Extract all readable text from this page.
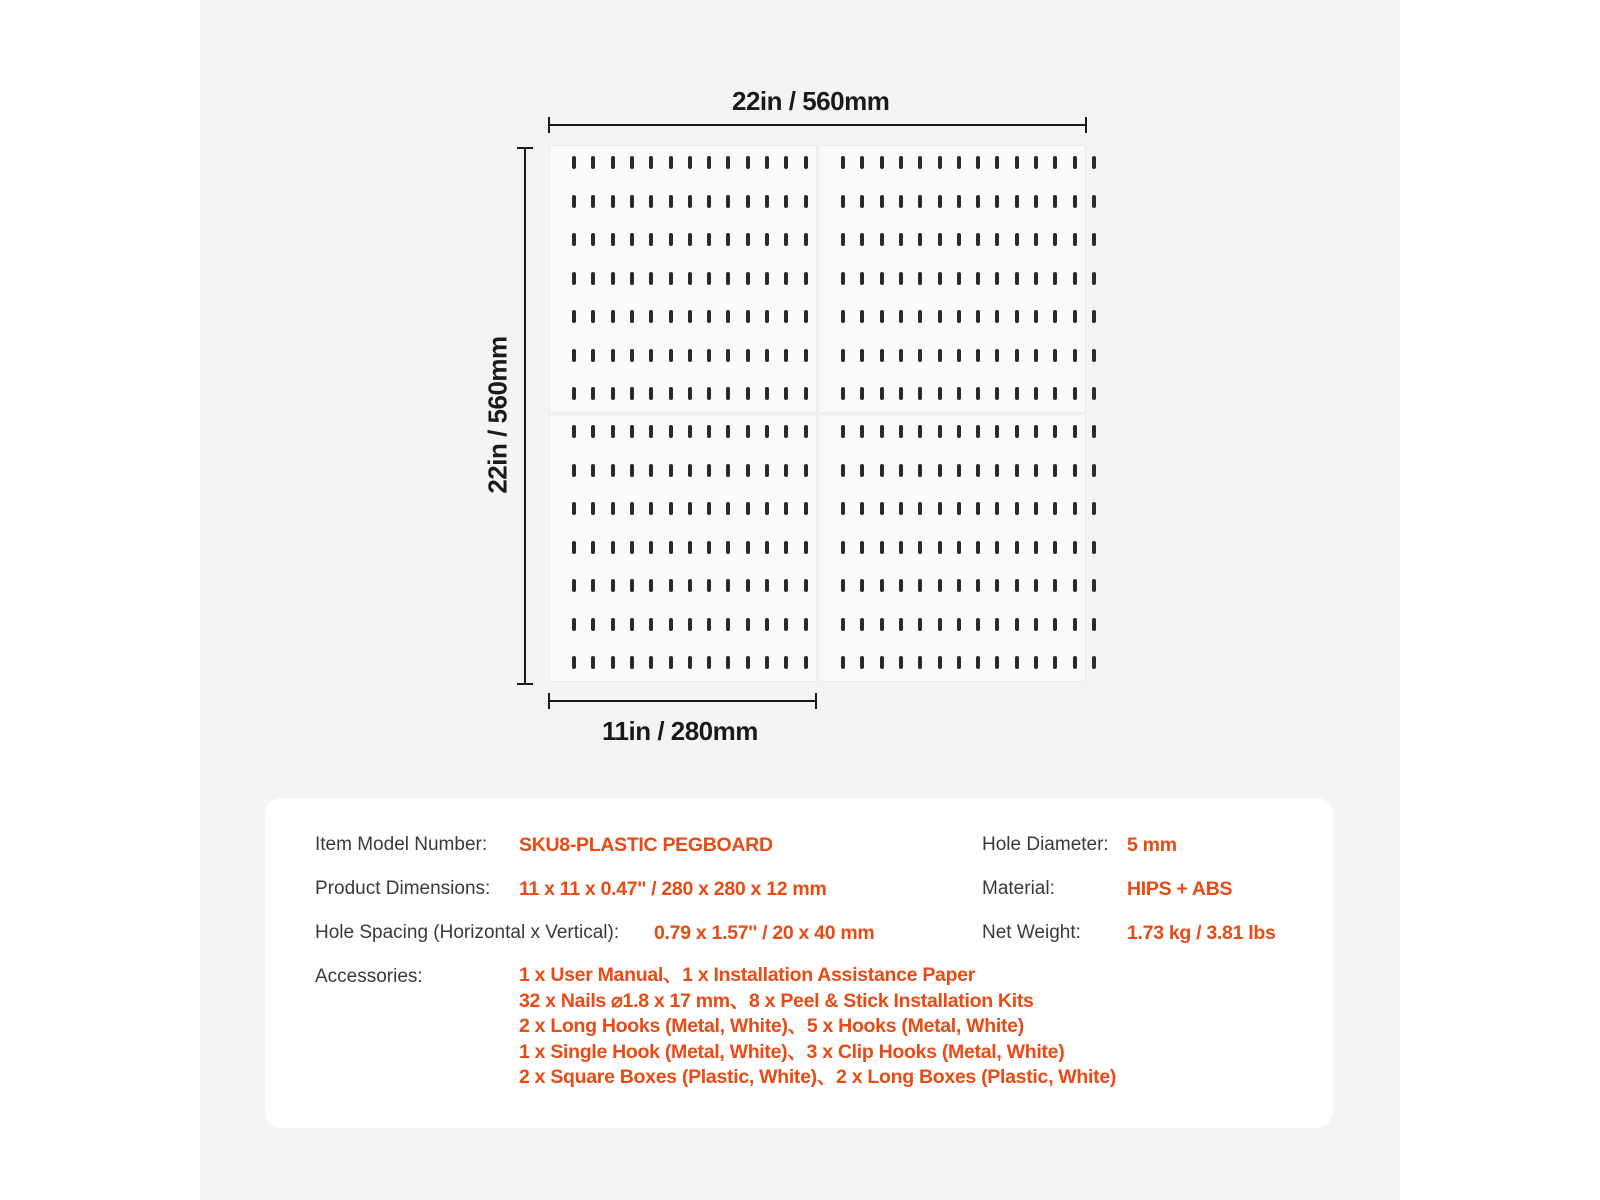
22in / 560mm
22in / 560mm
11in / 280mm
Item Model Number: SKU8-PLASTIC PEGBOARD
Product Dimensions: 11 x 11 x 0.47'' / 280 x 280 x 12 mm
Hole Spacing (Horizontal x Vertical): 0.79 x 1.57'' / 20 x 40 mm
Hole Diameter: 5 mm
Material:	HIPS + ABS
Net Weight: 1.73 kg / 3.81 lbs
Accessories:	1 x User Manual、1 x Installation Assistance Paper
32 x Nails ⌀1.8 x 17 mm、8 x Peel & Stick Installation Kits
2 x Long Hooks (Metal, White)、5 x Hooks (Metal, White)
1 x Single Hook (Metal, White)、3 x Clip Hooks (Metal, White)
2 x Square Boxes (Plastic, White)、2 x Long Boxes (Plastic, White)
